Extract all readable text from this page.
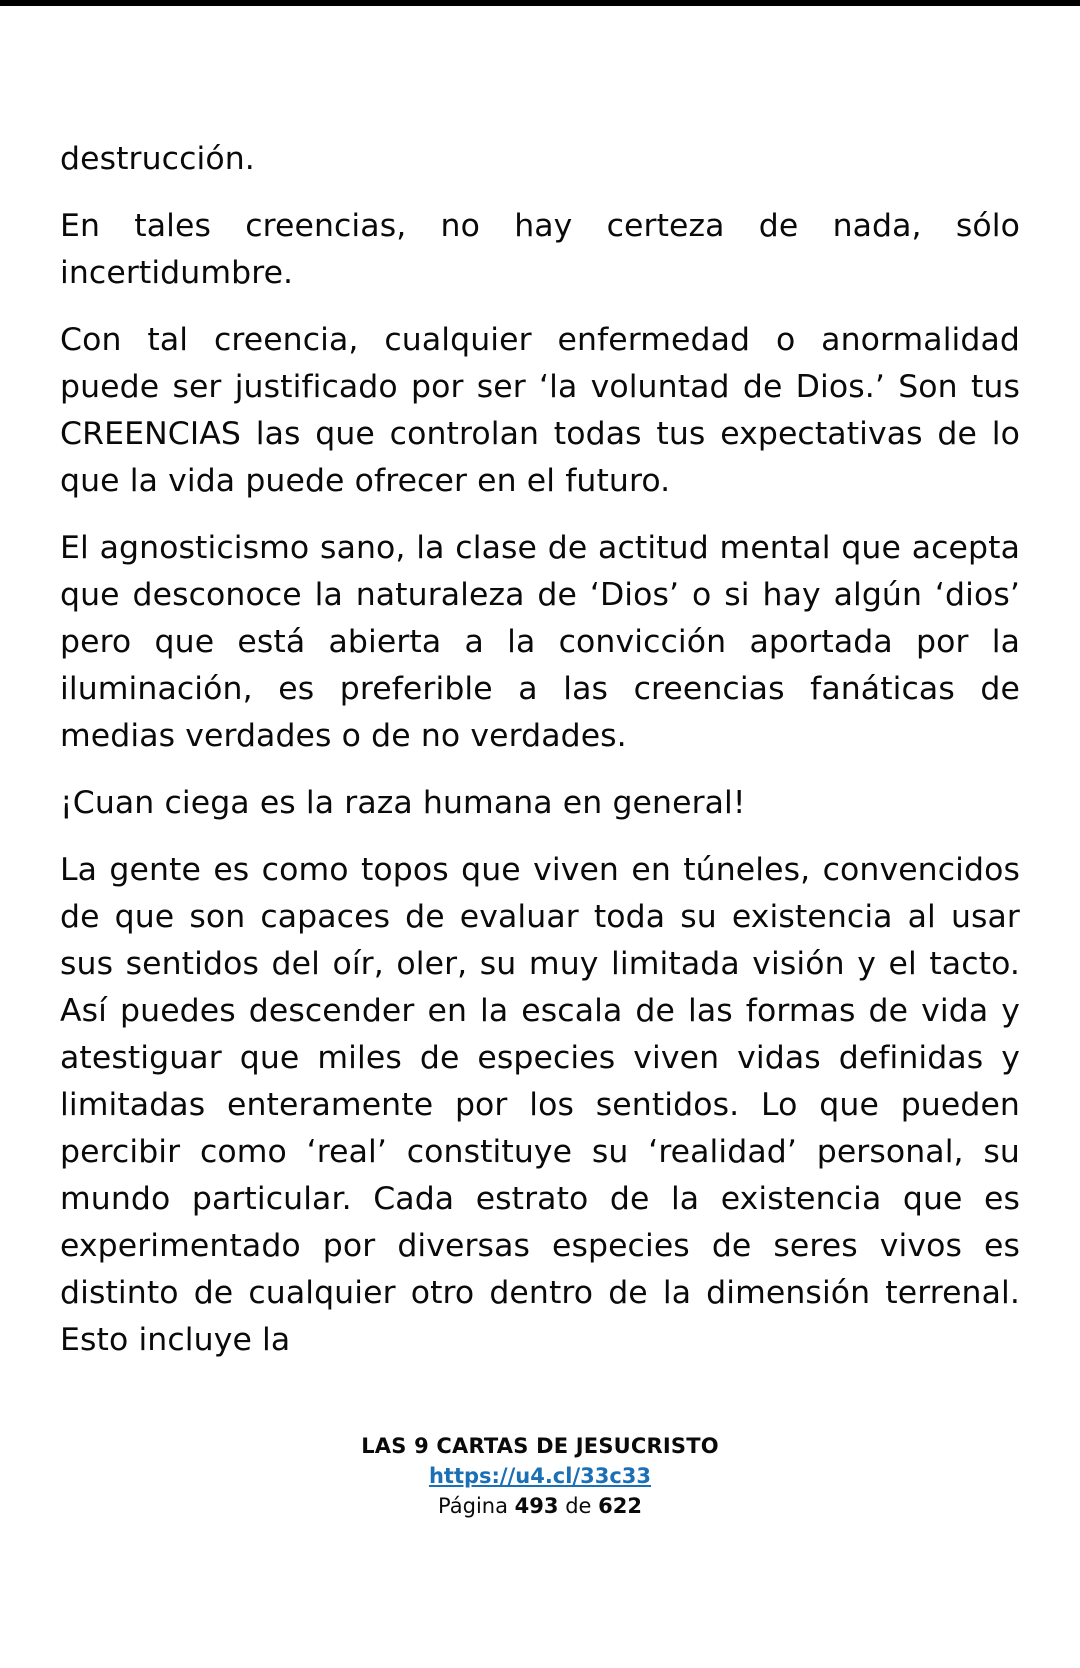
destrucción.

En tales creencias, no hay certeza de nada, sólo incertidumbre.

Con tal creencia, cualquier enfermedad o anormalidad puede ser justificado por ser ‘la voluntad de Dios.’ Son tus CREENCIAS las que controlan todas tus expectativas de lo que la vida puede ofrecer en el futuro.

El agnosticismo sano, la clase de actitud mental que acepta que desconoce la naturaleza de ‘Dios’ o si hay algún ‘dios’ pero que está abierta a la convicción aportada por la iluminación, es preferible a las creencias fanáticas de medias verdades o de no verdades.

¡Cuan ciega es la raza humana en general!

La gente es como topos que viven en túneles, convencidos de que son capaces de evaluar toda su existencia al usar sus sentidos del oír, oler, su muy limitada visión y el tacto. Así puedes descender en la escala de las formas de vida y atestiguar que miles de especies viven vidas definidas y limitadas enteramente por los sentidos. Lo que pueden percibir como ‘real’ constituye su ‘realidad’ personal, su mundo particular. Cada estrato de la existencia que es experimentado por diversas especies de seres vivos es distinto de cualquier otro dentro de la dimensión terrenal. Esto incluye la

LAS 9 CARTAS DE JESUCRISTO
https://u4.cl/33c33
Página 493 de 622
